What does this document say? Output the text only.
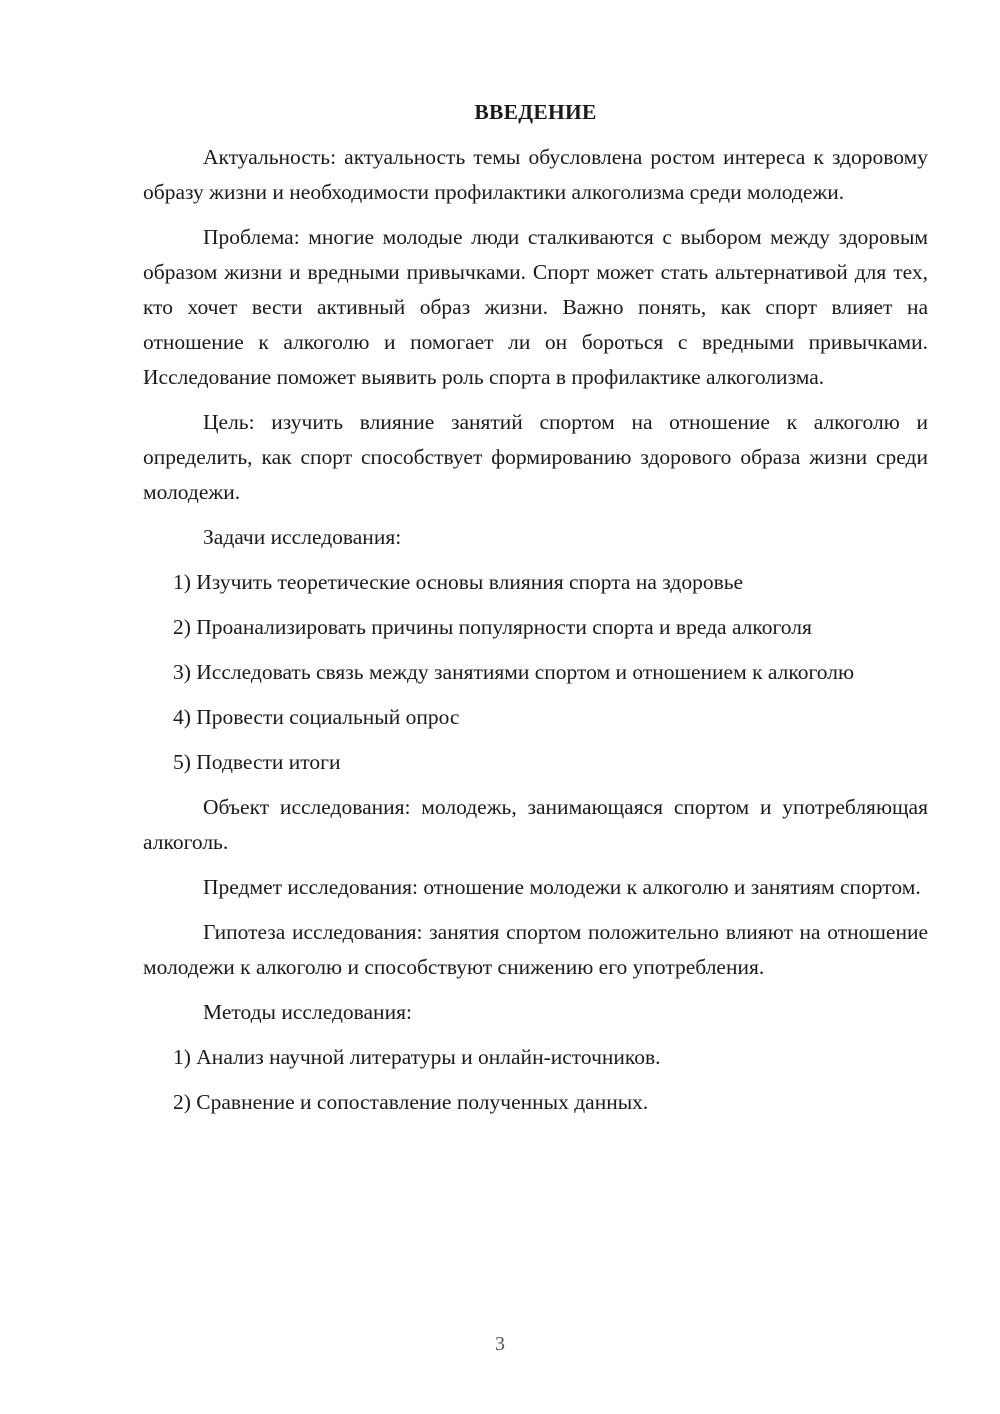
ВВЕДЕНИЕ
Актуальность: актуальность темы обусловлена ростом интереса к здоровому образу жизни и необходимости профилактики алкоголизма среди молодежи.
Проблема: многие молодые люди сталкиваются с выбором между здоровым образом жизни и вредными привычками. Спорт может стать альтернативой для тех, кто хочет вести активный образ жизни. Важно понять, как спорт влияет на отношение к алкоголю и помогает ли он бороться с вредными привычками. Исследование поможет выявить роль спорта в профилактике алкоголизма.
Цель: изучить влияние занятий спортом на отношение к алкоголю и определить, как спорт способствует формированию здорового образа жизни среди молодежи.
Задачи исследования:
1) Изучить теоретические основы влияния спорта на здоровье
2) Проанализировать причины популярности спорта и вреда алкоголя
3) Исследовать связь между занятиями спортом и отношением к алкоголю
4) Провести социальный опрос
5) Подвести итоги
Объект исследования: молодежь, занимающаяся спортом и употребляющая алкоголь.
Предмет исследования: отношение молодежи к алкоголю и занятиям спортом.
Гипотеза исследования: занятия спортом положительно влияют на отношение молодежи к алкоголю и способствуют снижению его употребления.
Методы исследования:
1) Анализ научной литературы и онлайн-источников.
2) Сравнение и сопоставление полученных данных.
3
